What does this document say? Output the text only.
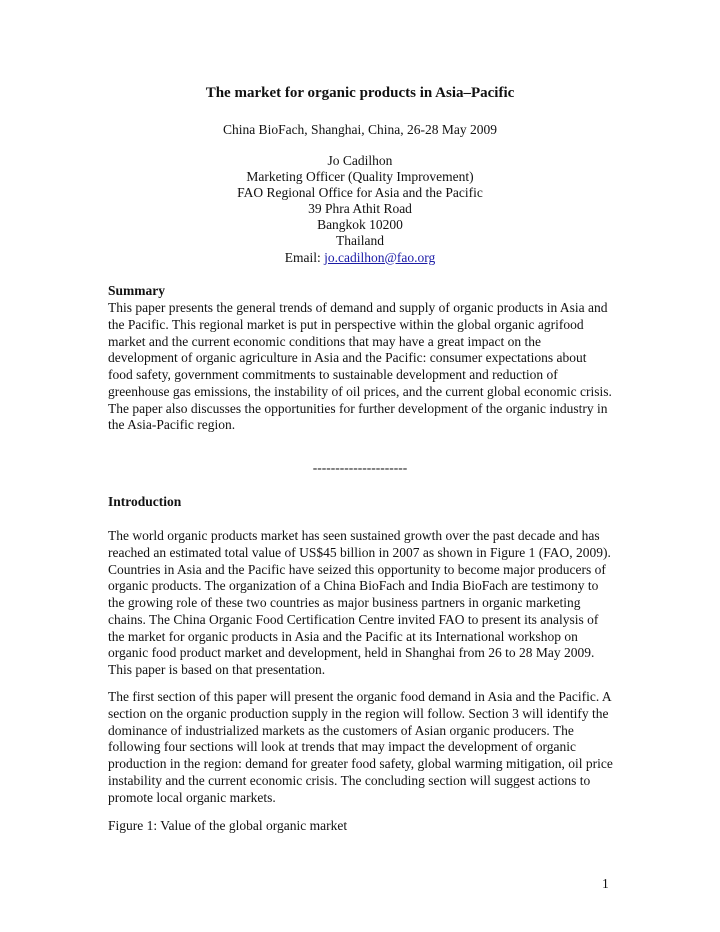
The market for organic products in Asia–Pacific
China BioFach, Shanghai, China, 26-28 May 2009
Jo Cadilhon
Marketing Officer (Quality Improvement)
FAO Regional Office for Asia and the Pacific
39 Phra Athit Road
Bangkok 10200
Thailand
Email: jo.cadilhon@fao.org
Summary

This paper presents the general trends of demand and supply of organic products in Asia and the Pacific. This regional market is put in perspective within the global organic agrifood market and the current economic conditions that may have a great impact on the development of organic agriculture in Asia and the Pacific: consumer expectations about food safety, government commitments to sustainable development and reduction of greenhouse gas emissions, the instability of oil prices, and the current global economic crisis. The paper also discusses the opportunities for further development of the organic industry in the Asia-Pacific region.

---------------------
Introduction

The world organic products market has seen sustained growth over the past decade and has reached an estimated total value of US$45 billion in 2007 as shown in Figure 1 (FAO, 2009). Countries in Asia and the Pacific have seized this opportunity to become major producers of organic products. The organization of a China BioFach and India BioFach are testimony to the growing role of these two countries as major business partners in organic marketing chains. The China Organic Food Certification Centre invited FAO to present its analysis of the market for organic products in Asia and the Pacific at its International workshop on organic food product market and development, held in Shanghai from 26 to 28 May 2009. This paper is based on that presentation.

The first section of this paper will present the organic food demand in Asia and the Pacific. A section on the organic production supply in the region will follow. Section 3 will identify the dominance of industrialized markets as the customers of Asian organic producers. The following four sections will look at trends that may impact the development of organic production in the region: demand for greater food safety, global warming mitigation, oil price instability and the current economic crisis. The concluding section will suggest actions to promote local organic markets.

Figure 1: Value of the global organic market
1
